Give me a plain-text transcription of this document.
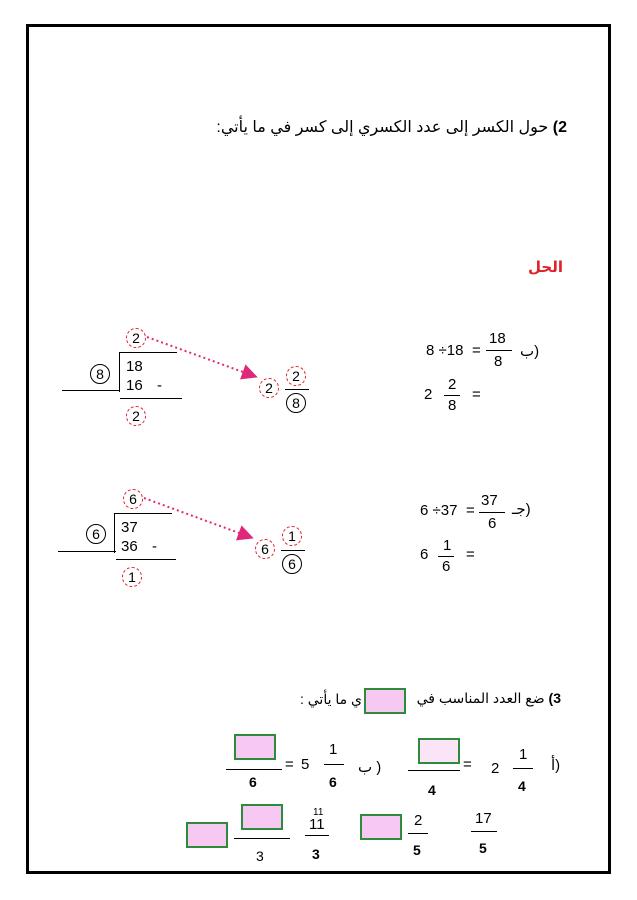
2) حول الكسر إلى عدد الكسري إلى كسر في ما يأتي:
الحل
ب)
18
8
=
8 ÷18
2
2
8
=
2
8	18
16 -
2
2
2
8
جـ)
37
6
=
6 ÷37
6
1
6
=
6
6	37
36 -
1
6
1
6
3) ضع العدد المناسب في
ي ما يأتي :
أ)
1
4
2
=
4
ب )
1
6
5
=
6
17
5
2
5
11
11
3
3
